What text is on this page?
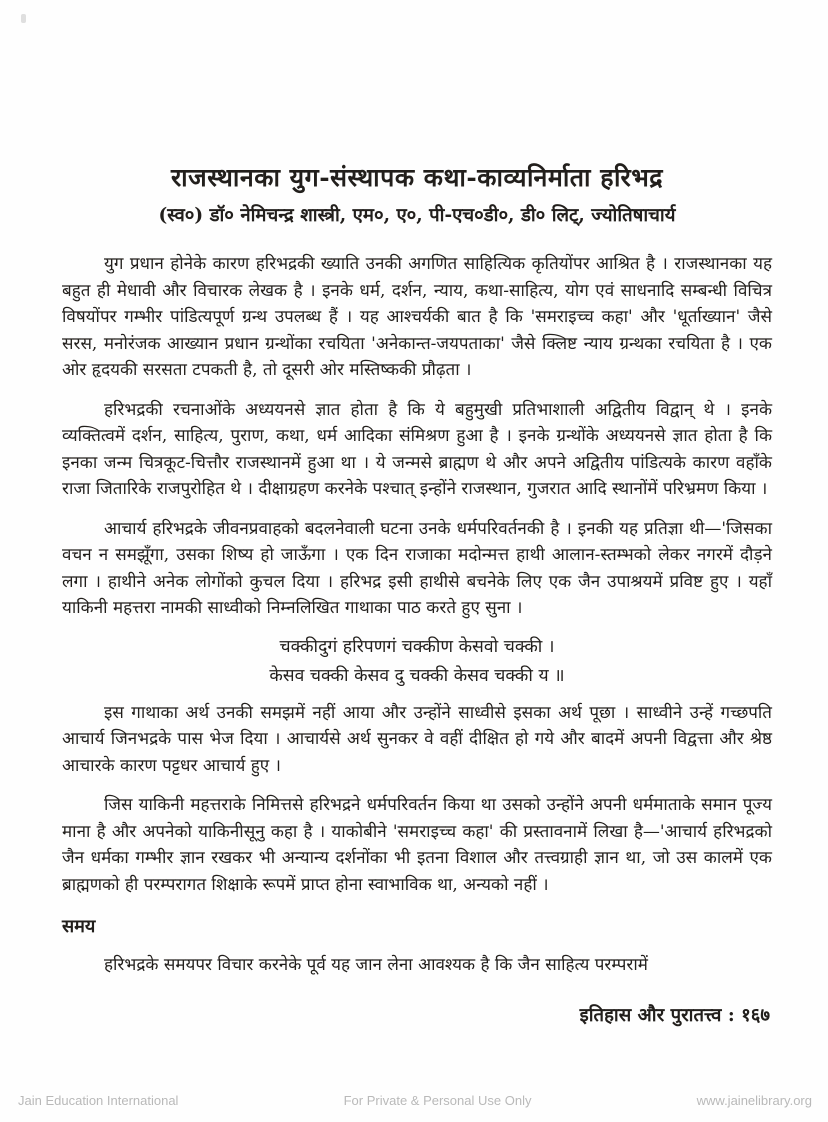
राजस्थानका युग-संस्थापक कथा-काव्यनिर्माता हरिभद्र
(स्व०) डॉ० नेमिचन्द्र शास्त्री, एम०, ए०, पी-एच०डी०, डी० लिट्, ज्योतिषाचार्य

युग प्रधान होनेके कारण हरिभद्रकी ख्याति उनकी अगणित साहित्यिक कृतियोंपर आश्रित है । राजस्थानका यह बहुत ही मेधावी और विचारक लेखक है । इनके धर्म, दर्शन, न्याय, कथा-साहित्य, योग एवं साधनादि सम्बन्धी विचित्र विषयोंपर गम्भीर पांडित्यपूर्ण ग्रन्थ उपलब्ध हैं । यह आश्चर्यकी बात है कि 'समराइच्च कहा' और 'धूर्ताख्यान' जैसे सरस, मनोरंजक आख्यान प्रधान ग्रन्थोंका रचयिता 'अनेकान्त-जयपताका' जैसे क्लिष्ट न्याय ग्रन्थका रचयिता है । एक ओर हृदयकी सरसता टपकती है, तो दूसरी ओर मस्तिष्ककी प्रौढ़ता ।

हरिभद्रकी रचनाओंके अध्ययनसे ज्ञात होता है कि ये बहुमुखी प्रतिभाशाली अद्वितीय विद्वान् थे । इनके व्यक्तित्वमें दर्शन, साहित्य, पुराण, कथा, धर्म आदिका संमिश्रण हुआ है । इनके ग्रन्थोंके अध्ययनसे ज्ञात होता है कि इनका जन्म चित्रकूट-चित्तौर राजस्थानमें हुआ था । ये जन्मसे ब्राह्मण थे और अपने अद्वितीय पांडित्यके कारण वहाँके राजा जितारिके राजपुरोहित थे । दीक्षाग्रहण करनेके पश्चात् इन्होंने राजस्थान, गुजरात आदि स्थानोंमें परिभ्रमण किया ।

आचार्य हरिभद्रके जीवनप्रवाहको बदलनेवाली घटना उनके धर्मपरिवर्तनकी है । इनकी यह प्रतिज्ञा थी—'जिसका वचन न समझूँगा, उसका शिष्य हो जाऊँगा । एक दिन राजाका मदोन्मत्त हाथी आलान-स्तम्भको लेकर नगरमें दौड़ने लगा । हाथीने अनेक लोगोंको कुचल दिया । हरिभद्र इसी हाथीसे बचनेके लिए एक जैन उपाश्रयमें प्रविष्ट हुए । यहाँ याकिनी महत्तरा नामकी साध्वीको निम्नलिखित गाथाका पाठ करते हुए सुना ।

चक्कीदुगं हरिपणगं चक्कीण केसवो चक्की ।
केसव चक्की केसव दु चक्की केसव चक्की य ॥

इस गाथाका अर्थ उनकी समझमें नहीं आया और उन्होंने साध्वीसे इसका अर्थ पूछा । साध्वीने उन्हें गच्छपति आचार्य जिनभद्रके पास भेज दिया । आचार्यसे अर्थ सुनकर वे वहीं दीक्षित हो गये और बादमें अपनी विद्वत्ता और श्रेष्ठ आचारके कारण पट्टधर आचार्य हुए ।

जिस याकिनी महत्तराके निमित्तसे हरिभद्रने धर्मपरिवर्तन किया था उसको उन्होंने अपनी धर्ममाताके समान पूज्य माना है और अपनेको याकिनीसूनु कहा है । याकोबीने 'समराइच्च कहा' की प्रस्तावनामें लिखा है—'आचार्य हरिभद्रको जैन धर्मका गम्भीर ज्ञान रखकर भी अन्यान्य दर्शनोंका भी इतना विशाल और तत्त्वग्राही ज्ञान था, जो उस कालमें एक ब्राह्मणको ही परम्परागत शिक्षाके रूपमें प्राप्त होना स्वाभाविक था, अन्यको नहीं ।

समय

हरिभद्रके समयपर विचार करनेके पूर्व यह जान लेना आवश्यक है कि जैन साहित्य परम्परामें

इतिहास और पुरातत्त्व : १६७
Jain Education International	For Private & Personal Use Only	www.jainelibrary.org
